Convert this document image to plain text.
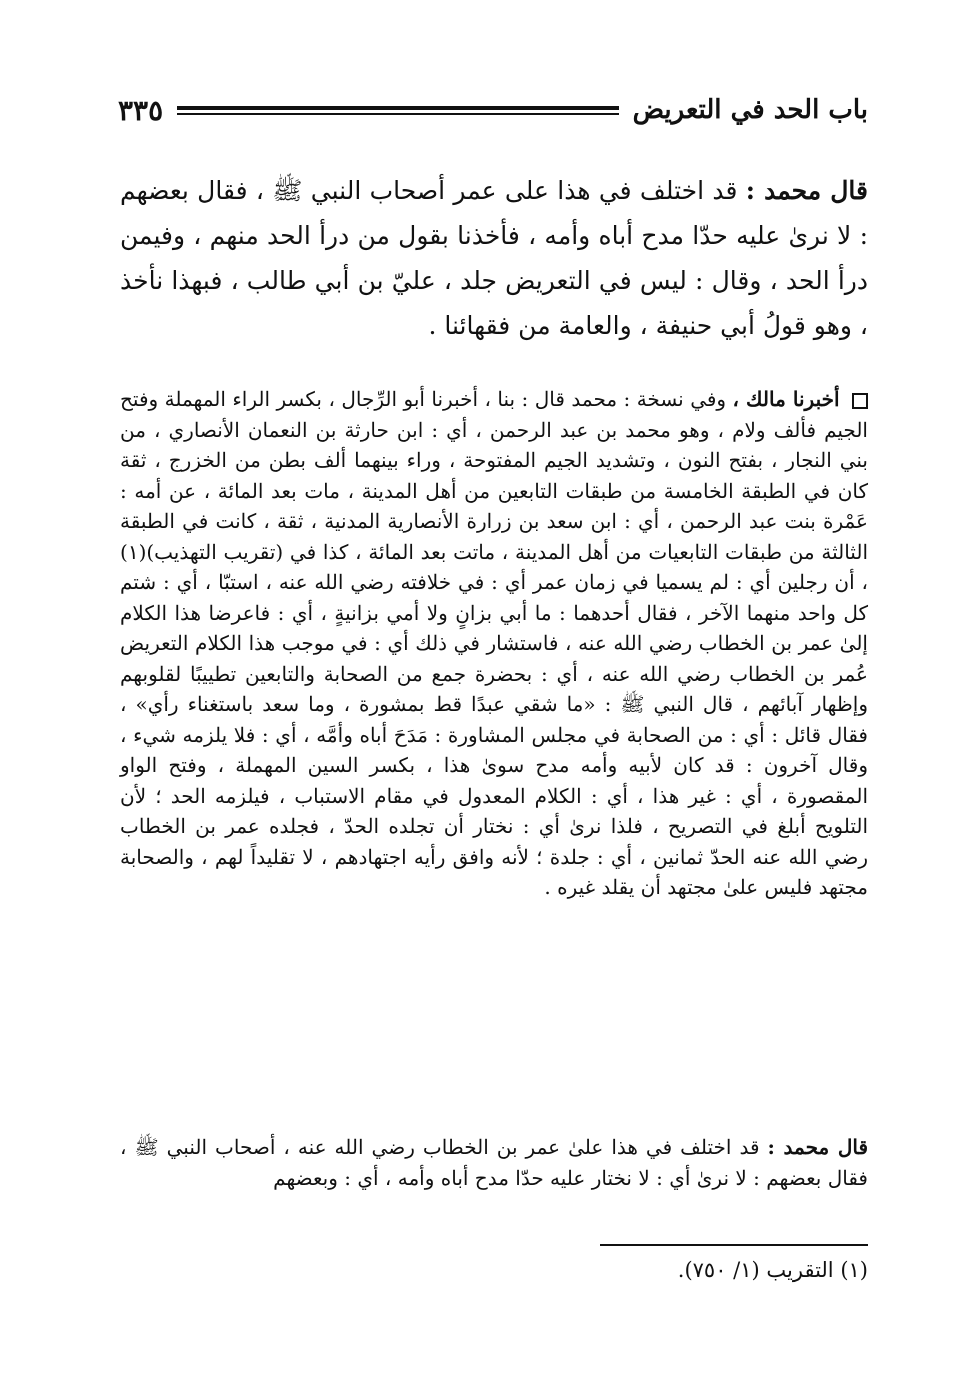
٣٣٥	باب الحد في التعريض

قال محمد : قد اختلف في هذا على عمر أصحاب النبي ﷺ ، فقال بعضهم : لا نرىٰ عليه حدّا مدح أباه وأمه ، فأخذنا بقول من درأ الحد منهم ، وفيمن درأ الحد ، وقال : ليس في التعريض جلد ، عليّ بن أبي طالب ، فبهذا نأخذ ، وهو قولُ أبي حنيفة ، والعامة من فقهائنا .

أخبرنا مالك ، وفي نسخة : محمد قال : بنا ، أخبرنا أبو الرِّجال ، بكسر الراء المهملة وفتح الجيم فألف ولام ، وهو محمد بن عبد الرحمن ، أي : ابن حارثة بن النعمان الأنصاري ، من بني النجار ، بفتح النون ، وتشديد الجيم المفتوحة ، وراء بينهما ألف بطن من الخزرج ، ثقة كان في الطبقة الخامسة من طبقات التابعين من أهل المدينة ، مات بعد المائة ، عن أمه : عَمْرة بنت عبد الرحمن ، أي : ابن سعد بن زرارة الأنصارية المدنية ، ثقة ، كانت في الطبقة الثالثة من طبقات التابعيات من أهل المدينة ، ماتت بعد المائة ، كذا في (تقريب التهذيب)(١) ، أن رجلين أي : لم يسميا في زمان عمر أي : في خلافته رضي الله عنه ، استبّا ، أي : شتم كل واحد منهما الآخر ، فقال أحدهما : ما أبي بزانٍ ولا أمي بزانيةٍ ، أي : فاعرضا هذا الكلام إلىٰ عمر بن الخطاب رضي الله عنه ، فاستشار في ذلك أي : في موجب هذا الكلام التعريض عُمر بن الخطاب رضي الله عنه ، أي : بحضرة جمع من الصحابة والتابعين تطييبًا لقلوبهم وإظهار آبائهم ، قال النبي ﷺ : «ما شقي عبدًا قط بمشورة ، وما سعد باستغناء رأي» ، فقال قائل : أي : من الصحابة في مجلس المشاورة : مَدَحَ أباه وأمَّه ، أي : فلا يلزمه شيء ، وقال آخرون : قد كان لأبيه وأمه مدح سوىٰ هذا ، بكسر السين المهملة ، وفتح الواو المقصورة ، أي : غير هذا ، أي : الكلام المعدول في مقام الاستباب ، فيلزمه الحد ؛ لأن التلويح أبلغ في التصريح ، فلذا نرىٰ أي : نختار أن تجلده الحدّ ، فجلده عمر بن الخطاب رضي الله عنه الحدّ ثمانين ، أي : جلدة ؛ لأنه وافق رأيه اجتهادهم ، لا تقليداً لهم ، والصحابة مجتهد فليس علىٰ مجتهد أن يقلد غيره .

قال محمد : قد اختلف في هذا علىٰ عمر بن الخطاب رضي الله عنه ، أصحاب النبي ﷺ ، فقال بعضهم : لا نرىٰ أي : لا نختار عليه حدّا مدح أباه وأمه ، أي : وبعضهم

(١) التقريب (١/ ٧٥٠).
